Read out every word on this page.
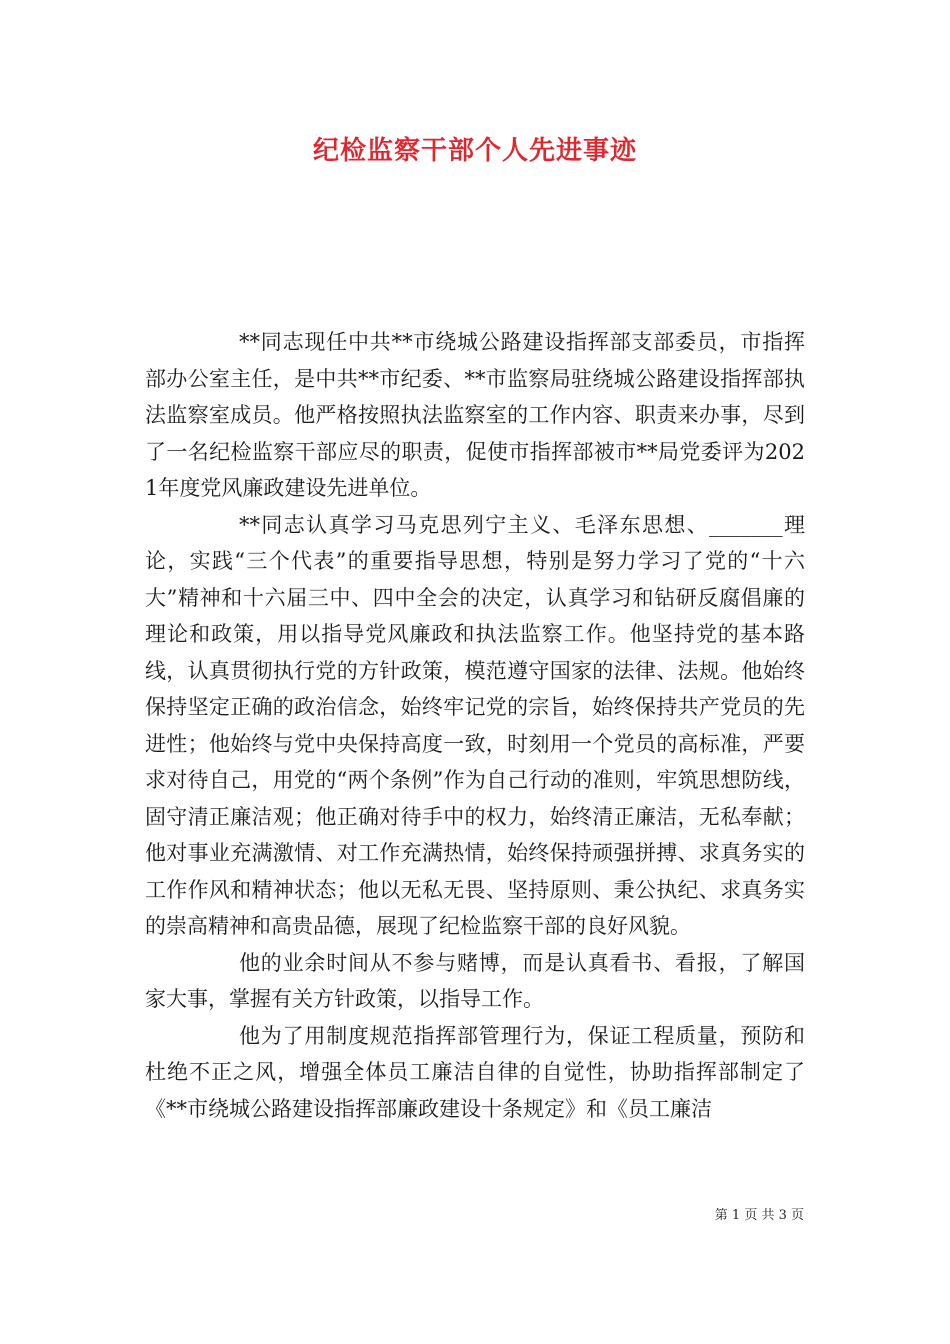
纪检监察干部个人先进事迹

**同志现任中共**市绕城公路建设指挥部支部委员，市指挥部办公室主任，是中共**市纪委、**市监察局驻绕城公路建设指挥部执法监察室成员。他严格按照执法监察室的工作内容、职责来办事，尽到了一名纪检监察干部应尽的职责，促使市指挥部被市**局党委评为2021年度党风廉政建设先进单位。

**同志认真学习马克思列宁主义、毛泽东思想、_______理论，实践“三个代表”的重要指导思想，特别是努力学习了党的“十六大”精神和十六届三中、四中全会的决定，认真学习和钻研反腐倡廉的理论和政策，用以指导党风廉政和执法监察工作。他坚持党的基本路线，认真贯彻执行党的方针政策，模范遵守国家的法律、法规。他始终保持坚定正确的政治信念，始终牢记党的宗旨，始终保持共产党员的先进性；他始终与党中央保持高度一致，时刻用一个党员的高标准，严要求对待自己，用党的“两个条例”作为自己行动的准则，牢筑思想防线，固守清正廉洁观；他正确对待手中的权力，始终清正廉洁，无私奉献；他对事业充满激情、对工作充满热情，始终保持顽强拼搏、求真务实的工作作风和精神状态；他以无私无畏、坚持原则、秉公执纪、求真务实的崇高精神和高贵品德，展现了纪检监察干部的良好风貌。

他的业余时间从不参与赌博，而是认真看书、看报，了解国家大事，掌握有关方针政策，以指导工作。

他为了用制度规范指挥部管理行为，保证工程质量，预防和杜绝不正之风，增强全体员工廉洁自律的自觉性，协助指挥部制定了《**市绕城公路建设指挥部廉政建设十条规定》和《员工廉洁

第 1 页 共 3 页
